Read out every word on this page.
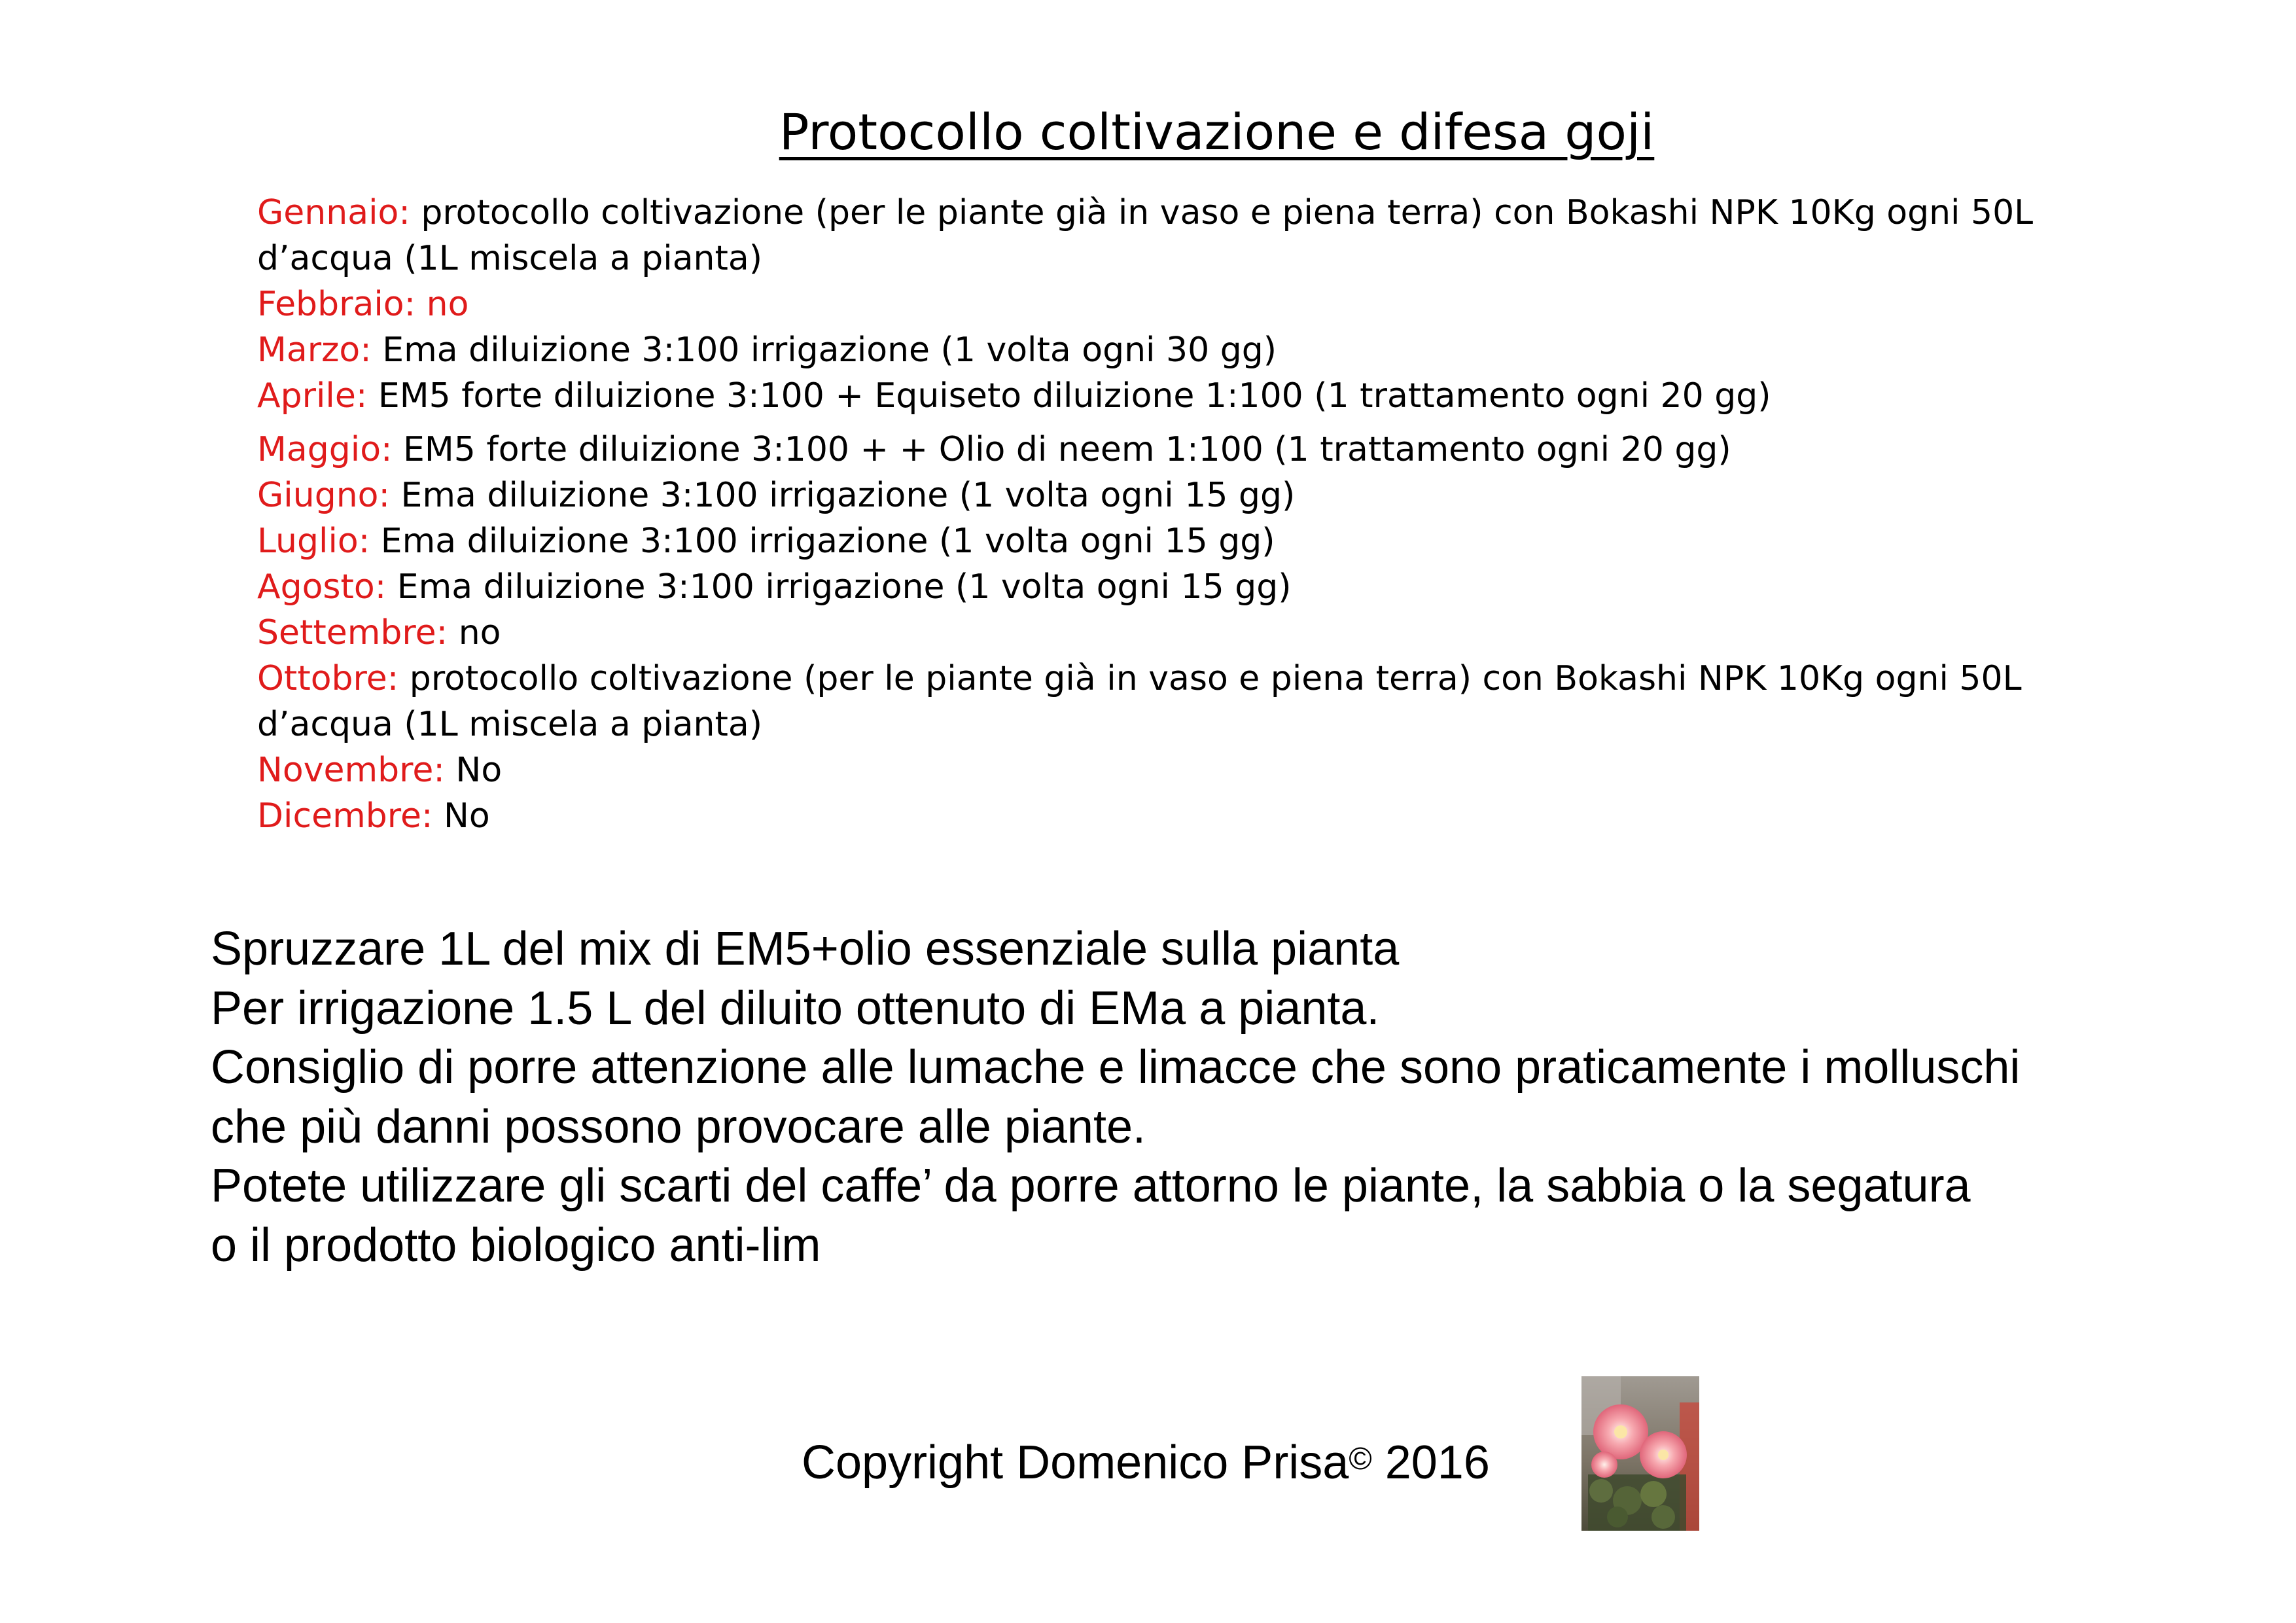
Protocollo coltivazione e difesa goji
Gennaio: protocollo coltivazione (per le piante già in vaso e piena terra) con Bokashi NPK 10Kg ogni 50L d’acqua (1L miscela a pianta)
Febbraio: no
Marzo: Ema diluizione 3:100 irrigazione (1 volta ogni 30 gg)
Aprile: EM5 forte diluizione 3:100 + Equiseto diluizione 1:100 (1 trattamento ogni 20 gg)
Maggio: EM5 forte diluizione 3:100 + + Olio di neem 1:100 (1 trattamento ogni 20 gg)
Giugno: Ema diluizione 3:100 irrigazione (1 volta ogni 15 gg)
Luglio: Ema diluizione 3:100 irrigazione (1 volta ogni 15 gg)
Agosto: Ema diluizione 3:100 irrigazione (1 volta ogni 15 gg)
Settembre: no
Ottobre: protocollo coltivazione (per le piante già in vaso e piena terra) con Bokashi NPK 10Kg ogni 50L d’acqua (1L miscela a pianta)
Novembre: No
Dicembre: No
Spruzzare 1L del mix di EM5+olio essenziale sulla pianta
Per irrigazione 1.5 L del diluito ottenuto di EMa a pianta.
Consiglio di porre attenzione alle lumache e limacce che sono praticamente i molluschi
che più danni possono provocare alle piante.
Potete utilizzare gli scarti del caffe’ da porre attorno le piante, la sabbia o la segatura
o il prodotto biologico anti-lim
Copyright Domenico Prisa© 2016
